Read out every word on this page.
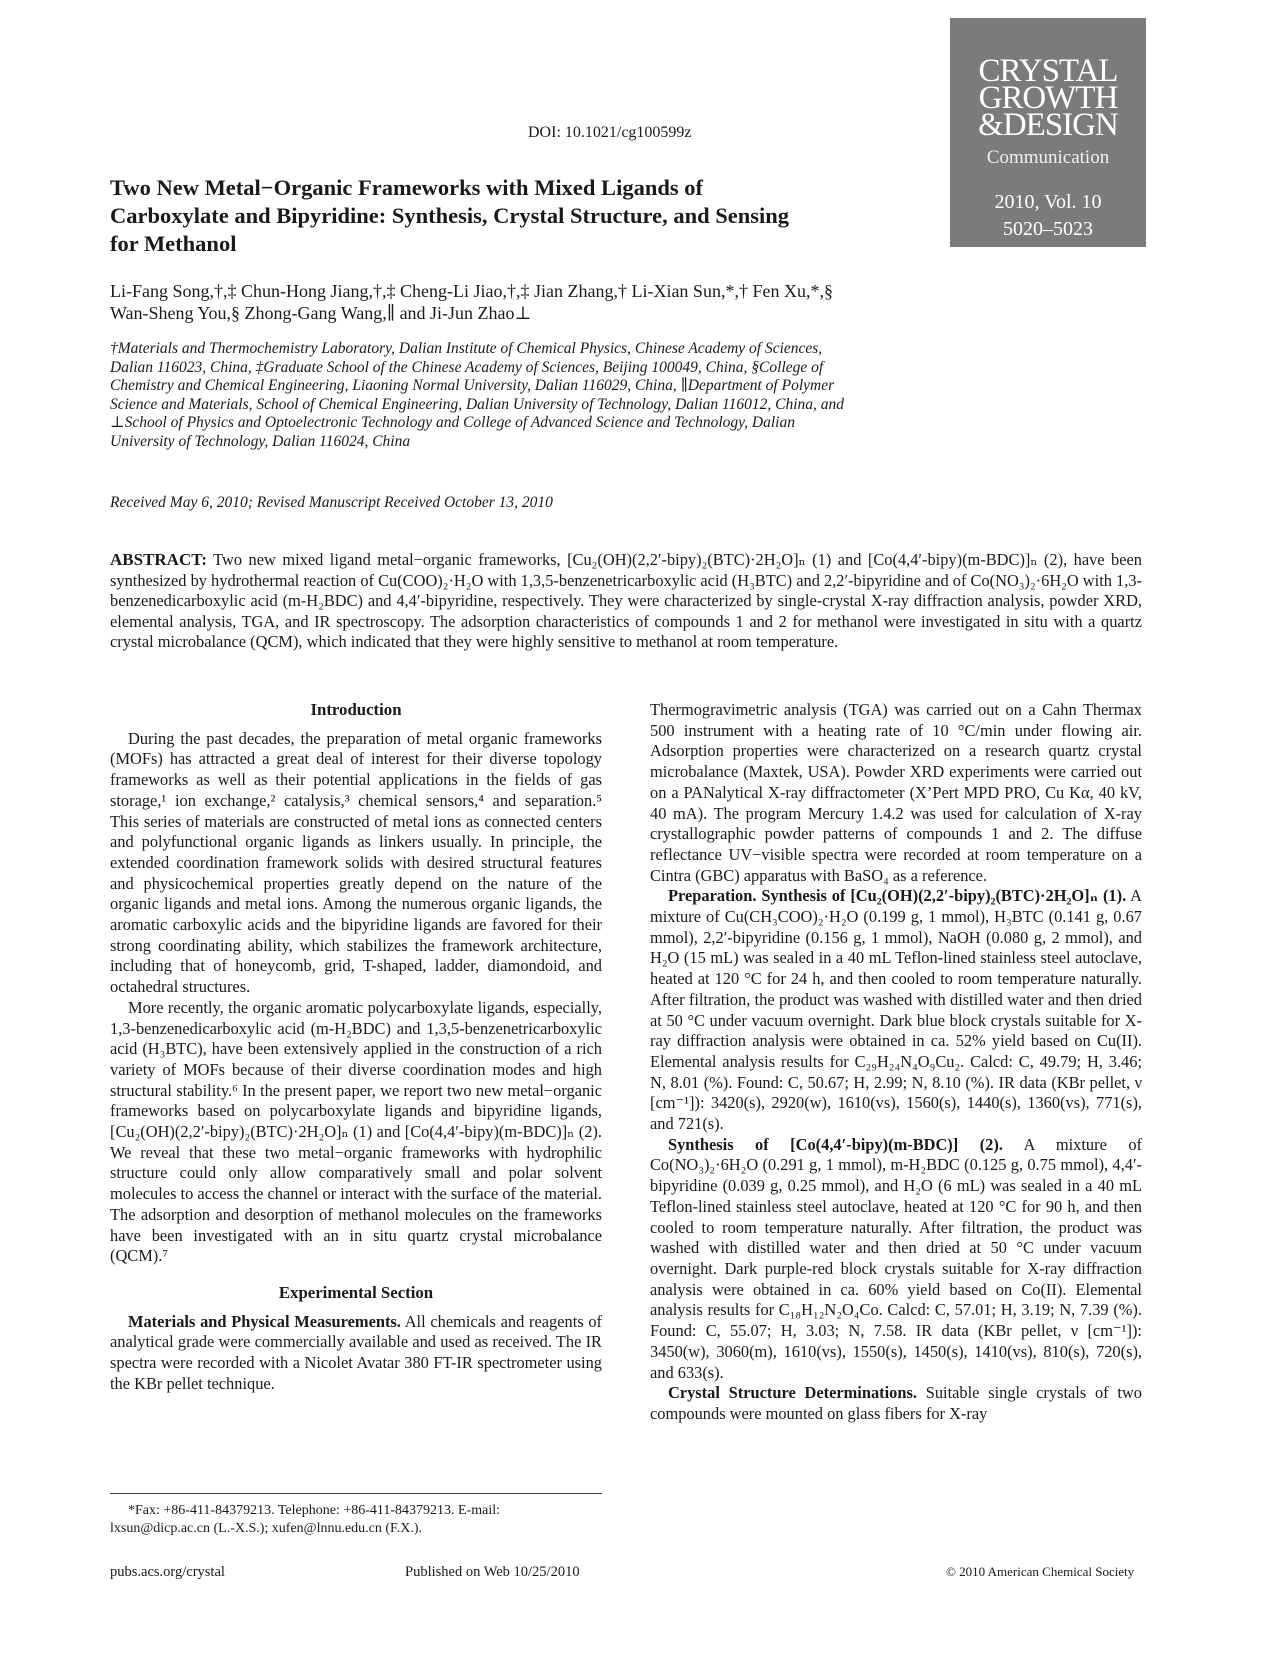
DOI: 10.1021/cg100599z
CRYSTAL
GROWTH
&DESIGN
Communication
2010, Vol. 10
5020–5023
Two New Metal−Organic Frameworks with Mixed Ligands of Carboxylate and Bipyridine: Synthesis, Crystal Structure, and Sensing for Methanol
Li-Fang Song,†,‡ Chun-Hong Jiang,†,‡ Cheng-Li Jiao,†,‡ Jian Zhang,† Li-Xian Sun,*,† Fen Xu,*,§ Wan-Sheng You,§ Zhong-Gang Wang,∥ and Ji-Jun Zhao⊥
†Materials and Thermochemistry Laboratory, Dalian Institute of Chemical Physics, Chinese Academy of Sciences, Dalian 116023, China, ‡Graduate School of the Chinese Academy of Sciences, Beijing 100049, China, §College of Chemistry and Chemical Engineering, Liaoning Normal University, Dalian 116029, China, ∥Department of Polymer Science and Materials, School of Chemical Engineering, Dalian University of Technology, Dalian 116012, China, and ⊥School of Physics and Optoelectronic Technology and College of Advanced Science and Technology, Dalian University of Technology, Dalian 116024, China
Received May 6, 2010; Revised Manuscript Received October 13, 2010
ABSTRACT: Two new mixed ligand metal−organic frameworks, [Cu₂(OH)(2,2′-bipy)₂(BTC)·2H₂O]ₙ (1) and [Co(4,4′-bipy)(m-BDC)]ₙ (2), have been synthesized by hydrothermal reaction of Cu(COO)₂·H₂O with 1,3,5-benzenetricarboxylic acid (H₃BTC) and 2,2′-bipyridine and of Co(NO₃)₂·6H₂O with 1,3-benzenedicarboxylic acid (m-H₂BDC) and 4,4′-bipyridine, respectively. They were characterized by single-crystal X-ray diffraction analysis, powder XRD, elemental analysis, TGA, and IR spectroscopy. The adsorption characteristics of compounds 1 and 2 for methanol were investigated in situ with a quartz crystal microbalance (QCM), which indicated that they were highly sensitive to methanol at room temperature.
Introduction

During the past decades, the preparation of metal organic frameworks (MOFs) has attracted a great deal of interest for their diverse topology frameworks as well as their potential applications in the fields of gas storage,¹ ion exchange,² catalysis,³ chemical sensors,⁴ and separation.⁵ This series of materials are constructed of metal ions as connected centers and polyfunctional organic ligands as linkers usually. In principle, the extended coordination framework solids with desired structural features and physicochemical properties greatly depend on the nature of the organic ligands and metal ions. Among the numerous organic ligands, the aromatic carboxylic acids and the bipyridine ligands are favored for their strong coordinating ability, which stabilizes the framework architecture, including that of honeycomb, grid, T-shaped, ladder, diamondoid, and octahedral structures.

More recently, the organic aromatic polycarboxylate ligands, especially, 1,3-benzenedicarboxylic acid (m-H₂BDC) and 1,3,5-benzenetricarboxylic acid (H₃BTC), have been extensively applied in the construction of a rich variety of MOFs because of their diverse coordination modes and high structural stability.⁶ In the present paper, we report two new metal−organic frameworks based on polycarboxylate ligands and bipyridine ligands, [Cu₂(OH)(2,2′-bipy)₂(BTC)·2H₂O]ₙ (1) and [Co(4,4′-bipy)(m-BDC)]ₙ (2). We reveal that these two metal−organic frameworks with hydrophilic structure could only allow comparatively small and polar solvent molecules to access the channel or interact with the surface of the material. The adsorption and desorption of methanol molecules on the frameworks have been investigated with an in situ quartz crystal microbalance (QCM).⁷

Experimental Section

Materials and Physical Measurements. All chemicals and reagents of analytical grade were commercially available and used as received. The IR spectra were recorded with a Nicolet Avatar 380 FT-IR spectrometer using the KBr pellet technique.

Thermogravimetric analysis (TGA) was carried out on a Cahn Thermax 500 instrument with a heating rate of 10 °C/min under flowing air. Adsorption properties were characterized on a research quartz crystal microbalance (Maxtek, USA). Powder XRD experiments were carried out on a PANalytical X-ray diffractometer (X’Pert MPD PRO, Cu Kα, 40 kV, 40 mA). The program Mercury 1.4.2 was used for calculation of X-ray crystallographic powder patterns of compounds 1 and 2. The diffuse reflectance UV−visible spectra were recorded at room temperature on a Cintra (GBC) apparatus with BaSO₄ as a reference.

Preparation. Synthesis of [Cu₂(OH)(2,2′-bipy)₂(BTC)·2H₂O]ₙ (1). A mixture of Cu(CH₃COO)₂·H₂O (0.199 g, 1 mmol), H₃BTC (0.141 g, 0.67 mmol), 2,2′-bipyridine (0.156 g, 1 mmol), NaOH (0.080 g, 2 mmol), and H₂O (15 mL) was sealed in a 40 mL Teflon-lined stainless steel autoclave, heated at 120 °C for 24 h, and then cooled to room temperature naturally. After filtration, the product was washed with distilled water and then dried at 50 °C under vacuum overnight. Dark blue block crystals suitable for X-ray diffraction analysis were obtained in ca. 52% yield based on Cu(II). Elemental analysis results for C₂₉H₂₄N₄O₉Cu₂. Calcd: C, 49.79; H, 3.46; N, 8.01 (%). Found: C, 50.67; H, 2.99; N, 8.10 (%). IR data (KBr pellet, ν [cm⁻¹]): 3420(s), 2920(w), 1610(vs), 1560(s), 1440(s), 1360(vs), 771(s), and 721(s).

Synthesis of [Co(4,4′-bipy)(m-BDC)] (2). A mixture of Co(NO₃)₂·6H₂O (0.291 g, 1 mmol), m-H₂BDC (0.125 g, 0.75 mmol), 4,4′-bipyridine (0.039 g, 0.25 mmol), and H₂O (6 mL) was sealed in a 40 mL Teflon-lined stainless steel autoclave, heated at 120 °C for 90 h, and then cooled to room temperature naturally. After filtration, the product was washed with distilled water and then dried at 50 °C under vacuum overnight. Dark purple-red block crystals suitable for X-ray diffraction analysis were obtained in ca. 60% yield based on Co(II). Elemental analysis results for C₁₈H₁₂N₂O₄Co. Calcd: C, 57.01; H, 3.19; N, 7.39 (%). Found: C, 55.07; H, 3.03; N, 7.58. IR data (KBr pellet, ν [cm⁻¹]): 3450(w), 3060(m), 1610(vs), 1550(s), 1450(s), 1410(vs), 810(s), 720(s), and 633(s).

Crystal Structure Determinations. Suitable single crystals of two compounds were mounted on glass fibers for X-ray

*Fax: +86-411-84379213. Telephone: +86-411-84379213. E-mail: lxsun@dicp.ac.cn (L.-X.S.); xufen@lnnu.edu.cn (F.X.).
pubs.acs.org/crystal	Published on Web 10/25/2010	© 2010 American Chemical Society
